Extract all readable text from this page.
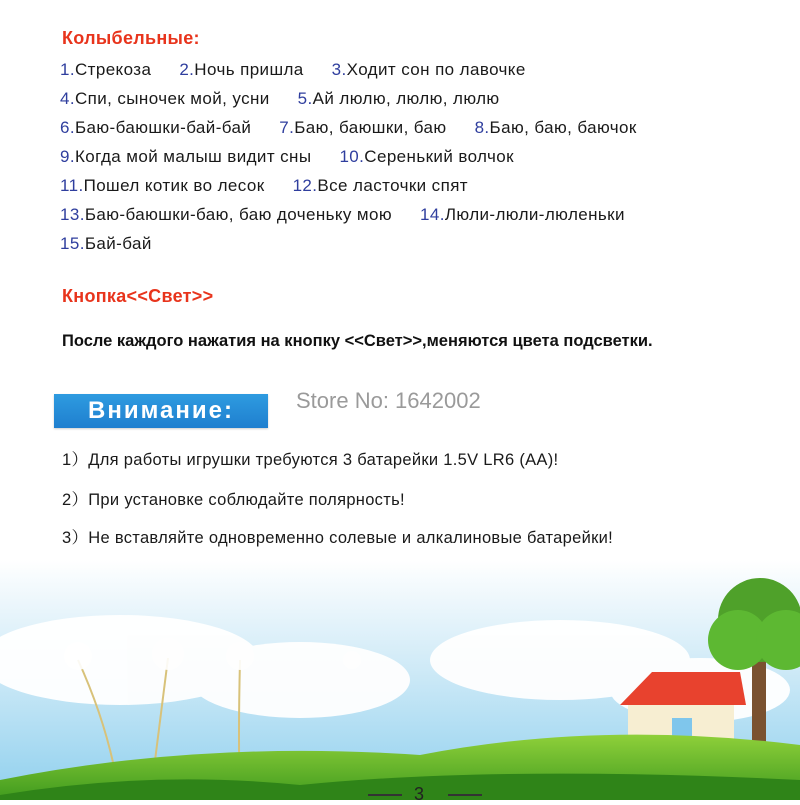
Колыбельные:
1.Стрекоза 2.Ночь пришла 3.Ходит сон по лавочке
4.Спи, сыночек мой, усни 5.Ай люлю, люлю, люлю
6.Баю-баюшки-бай-бай 7.Баю, баюшки, баю 8.Баю, баю, баючок
9.Когда мой малыш видит сны 10.Серенький волчок
11.Пошел котик во лесок 12.Все ласточки спят
13.Баю-баюшки-баю, баю доченьку мою 14.Люли-люли-люленьки
15.Бай-бай
Кнопка<<Свет>>
После каждого нажатия на кнопку <<Свет>>,меняются цвета подсветки.
Внимание:	Store No: 1642002
1）Для работы игрушки требуются 3 батарейки 1.5V LR6 (AA)!
2）При установке соблюдайте полярность!
3）Не вставляйте одновременно солевые и алкалиновые батарейки!
3
